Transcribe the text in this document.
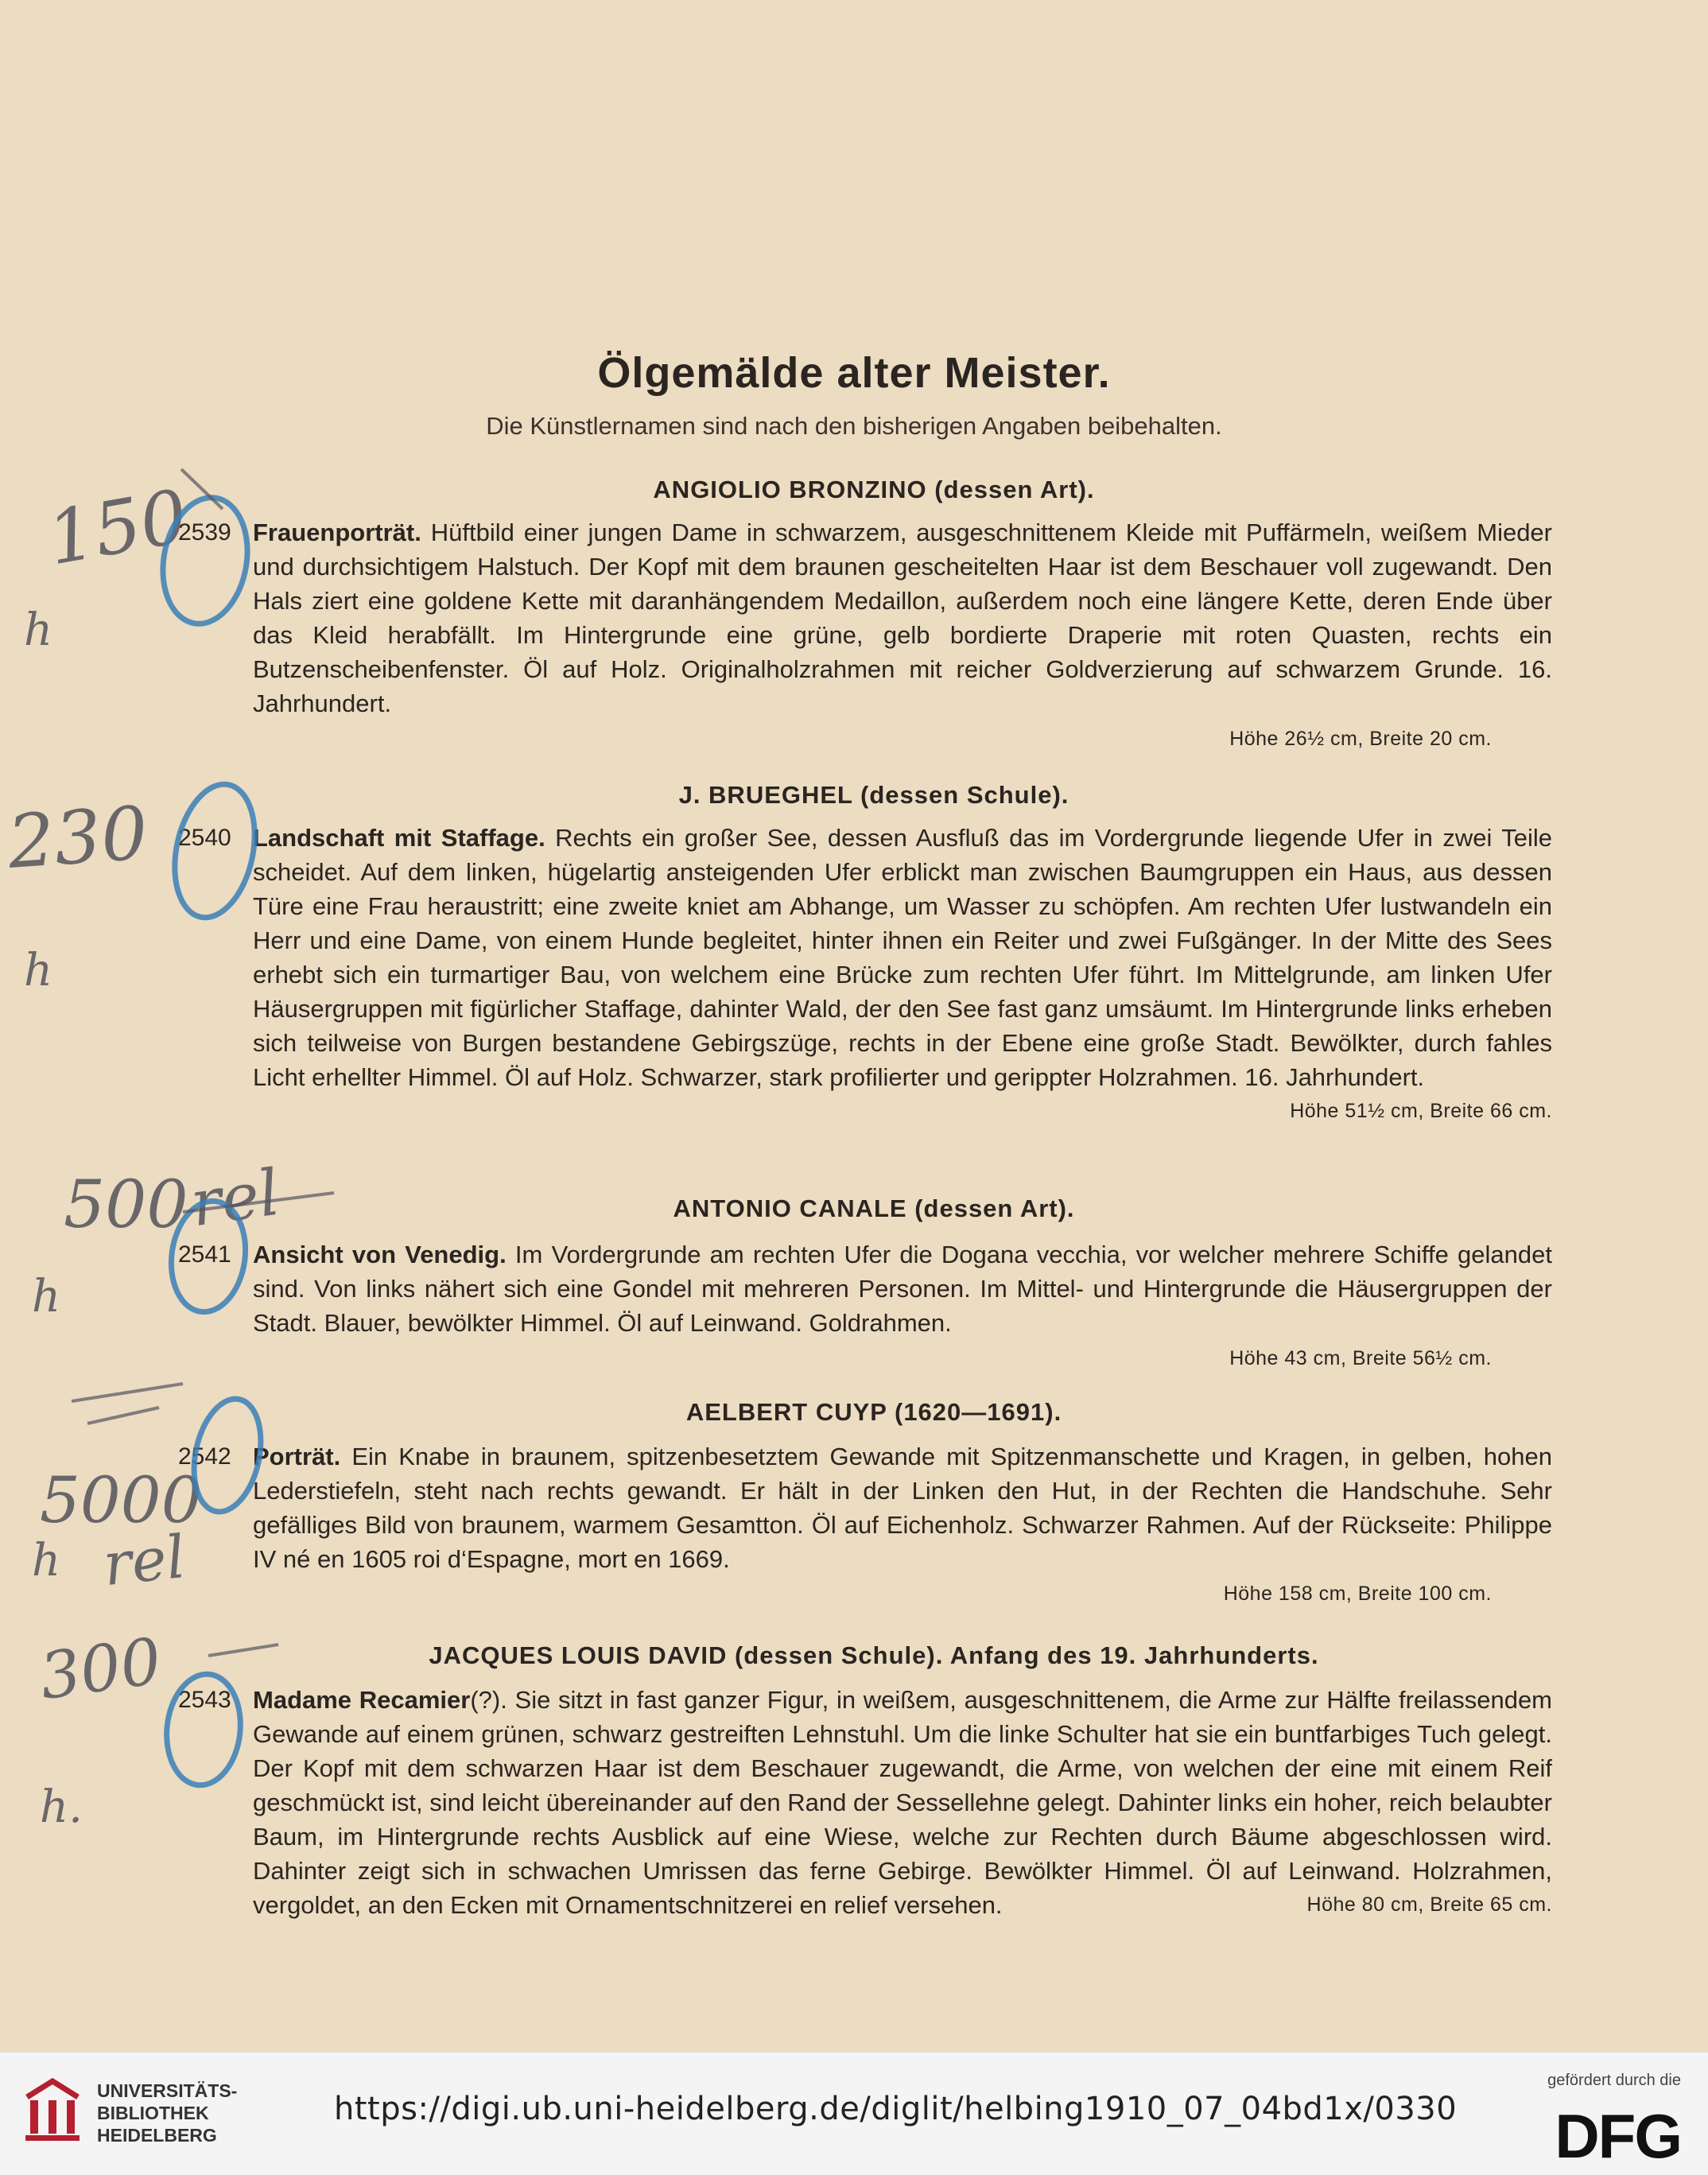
Ölgemälde alter Meister.
Die Künstlernamen sind nach den bisherigen Angaben beibehalten.
ANGIOLIO BRONZINO (dessen Art).
2539 Frauenporträt. Hüftbild einer jungen Dame in schwarzem, ausgeschnittenem Kleide mit Puffärmeln, weißem Mieder und durchsichtigem Halstuch. Der Kopf mit dem braunen gescheitelten Haar ist dem Beschauer voll zugewandt. Den Hals ziert eine goldene Kette mit daranhängendem Medaillon, außerdem noch eine längere Kette, deren Ende über das Kleid herabfällt. Im Hintergrunde eine grüne, gelb bordierte Draperie mit roten Quasten, rechts ein Butzenscheibenfenster. Öl auf Holz. Originalholzrahmen mit reicher Goldverzierung auf schwarzem Grunde. 16. Jahrhundert.
Höhe 26½ cm, Breite 20 cm.
J. BRUEGHEL (dessen Schule).
2540 Landschaft mit Staffage. Rechts ein großer See, dessen Ausfluß das im Vordergrunde liegende Ufer in zwei Teile scheidet. Auf dem linken, hügelartig ansteigenden Ufer erblickt man zwischen Baumgruppen ein Haus, aus dessen Türe eine Frau heraustritt; eine zweite kniet am Abhange, um Wasser zu schöpfen. Am rechten Ufer lustwandeln ein Herr und eine Dame, von einem Hunde begleitet, hinter ihnen ein Reiter und zwei Fußgänger. In der Mitte des Sees erhebt sich ein turmartiger Bau, von welchem eine Brücke zum rechten Ufer führt. Im Mittelgrunde, am linken Ufer Häusergruppen mit figürlicher Staffage, dahinter Wald, der den See fast ganz umsäumt. Im Hintergrunde links erheben sich teilweise von Burgen bestandene Gebirgszüge, rechts in der Ebene eine große Stadt. Bewölkter, durch fahles Licht erhellter Himmel. Öl auf Holz. Schwarzer, stark profilierter und gerippter Holzrahmen. 16. Jahrhundert.
Höhe 51½ cm, Breite 66 cm.
ANTONIO CANALE (dessen Art).
2541 Ansicht von Venedig. Im Vordergrunde am rechten Ufer die Dogana vecchia, vor welcher mehrere Schiffe gelandet sind. Von links nähert sich eine Gondel mit mehreren Personen. Im Mittel- und Hintergrunde die Häusergruppen der Stadt. Blauer, bewölkter Himmel. Öl auf Leinwand. Goldrahmen.
Höhe 43 cm, Breite 56½ cm.
AELBERT CUYP (1620—1691).
2542 Porträt. Ein Knabe in braunem, spitzenbesetztem Gewande mit Spitzenmanschette und Kragen, in gelben, hohen Lederstiefeln, steht nach rechts gewandt. Er hält in der Linken den Hut, in der Rechten die Handschuhe. Sehr gefälliges Bild von braunem, warmem Gesamtton. Öl auf Eichenholz. Schwarzer Rahmen. Auf der Rückseite: Philippe IV né en 1605 roi d‘Espagne, mort en 1669.
Höhe 158 cm, Breite 100 cm.
JACQUES LOUIS DAVID (dessen Schule). Anfang des 19. Jahrhunderts.
2543 Madame Recamier(?). Sie sitzt in fast ganzer Figur, in weißem, ausgeschnittenem, die Arme zur Hälfte freilassendem Gewande auf einem grünen, schwarz gestreiften Lehnstuhl. Um die linke Schulter hat sie ein buntfarbiges Tuch gelegt. Der Kopf mit dem schwarzen Haar ist dem Beschauer zugewandt, die Arme, von welchen der eine mit einem Reif geschmückt ist, sind leicht übereinander auf den Rand der Sessellehne gelegt. Dahinter links ein hoher, reich belaubter Baum, im Hintergrunde rechts Ausblick auf eine Wiese, welche zur Rechten durch Bäume abgeschlossen wird. Dahinter zeigt sich in schwachen Umrissen das ferne Gebirge. Bewölkter Himmel. Öl auf Leinwand. Holzrahmen, vergoldet, an den Ecken mit Ornamentschnitzerei en relief versehen.	Höhe 80 cm, Breite 65 cm.
150
h
230
h
500
rel
h
5000
h rel
300
h.
UNIVERSITÄTS-
BIBLIOTHEK
HEIDELBERG
https://digi.ub.uni-heidelberg.de/diglit/helbing1910_07_04bd1x/0330
gefördert durch die
DFG
